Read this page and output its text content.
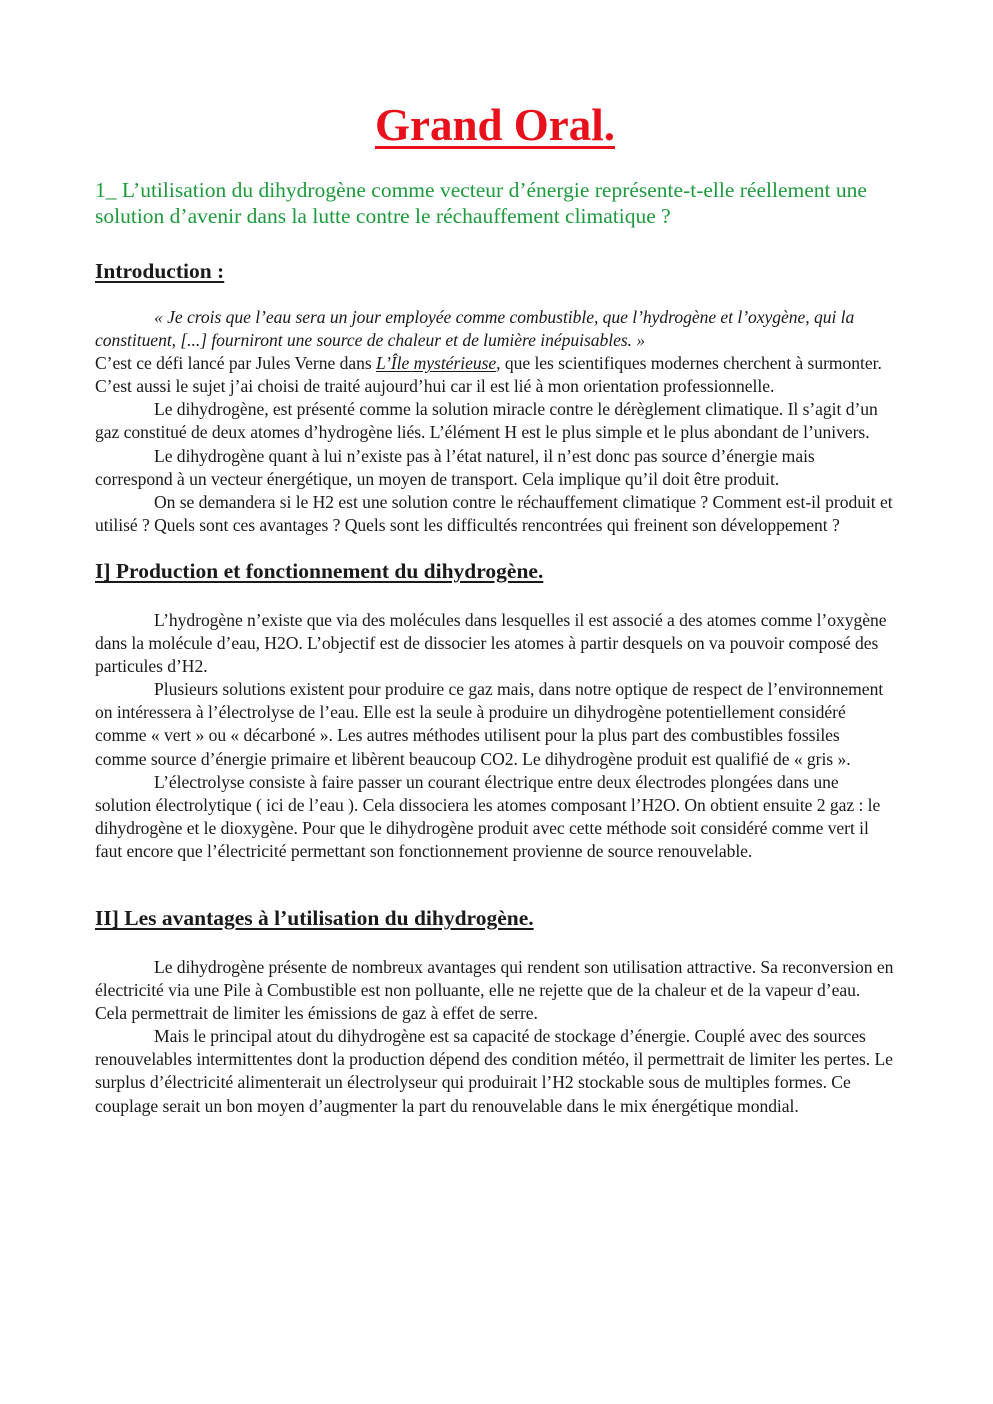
Grand Oral.

1_ L’utilisation du dihydrogène comme vecteur d’énergie représente-t-elle réellement une solution d’avenir dans la lutte contre le réchauffement climatique ?

Introduction :

« Je crois que l’eau sera un jour employée comme combustible, que l’hydrogène et l’oxygène, qui la constituent, [...] fourniront une source de chaleur et de lumière inépuisables. »

C’est ce défi lancé par Jules Verne dans L’Île mystérieuse, que les scientifiques modernes cherchent à surmonter. C’est aussi le sujet j’ai choisi de traité aujourd’hui car il est lié à mon orientation professionnelle.

Le dihydrogène, est présenté comme la solution miracle contre le dérèglement climatique. Il s’agit d’un gaz constitué de deux atomes d’hydrogène liés. L’élément H est le plus simple et le plus abondant de l’univers.

Le dihydrogène quant à lui n’existe pas à l’état naturel, il n’est donc pas source d’énergie mais correspond à un vecteur énergétique, un moyen de transport. Cela implique qu’il doit être produit.

On se demandera si le H2 est une solution contre le réchauffement climatique ? Comment est-il produit et utilisé ? Quels sont ces avantages ? Quels sont les difficultés rencontrées qui freinent son développement ?

I] Production et fonctionnement du dihydrogène.

L’hydrogène n’existe que via des molécules dans lesquelles il est associé a des atomes comme l’oxygène dans la molécule d’eau, H2O. L’objectif est de dissocier les atomes à partir desquels on va pouvoir composé des particules d’H2.

Plusieurs solutions existent pour produire ce gaz mais, dans notre optique de respect de l’environnement on intéressera à l’électrolyse de l’eau. Elle est la seule à produire un dihydrogène potentiellement considéré comme « vert » ou « décarboné ». Les autres méthodes utilisent pour la plus part des combustibles fossiles comme source d’énergie primaire et libèrent beaucoup CO2. Le dihydrogène produit est qualifié de « gris ».

L’électrolyse consiste à faire passer un courant électrique entre deux électrodes plongées dans une solution électrolytique ( ici de l’eau ). Cela dissociera les atomes composant l’H2O. On obtient ensuite 2 gaz : le dihydrogène et le dioxygène. Pour que le dihydrogène produit avec cette méthode soit considéré comme vert il faut encore que l’électricité permettant son fonctionnement provienne de source renouvelable.

II] Les avantages à l’utilisation du dihydrogène.

Le dihydrogène présente de nombreux avantages qui rendent son utilisation attractive. Sa reconversion en électricité via une Pile à Combustible est non polluante, elle ne rejette que de la chaleur et de la vapeur d’eau. Cela permettrait de limiter les émissions de gaz à effet de serre.

Mais le principal atout du dihydrogène est sa capacité de stockage d’énergie. Couplé avec des sources renouvelables intermittentes dont la production dépend des condition météo, il permettrait de limiter les pertes. Le surplus d’électricité alimenterait un électrolyseur qui produirait l’H2 stockable sous de multiples formes. Ce couplage serait un bon moyen d’augmenter la part du renouvelable dans le mix énergétique mondial.
